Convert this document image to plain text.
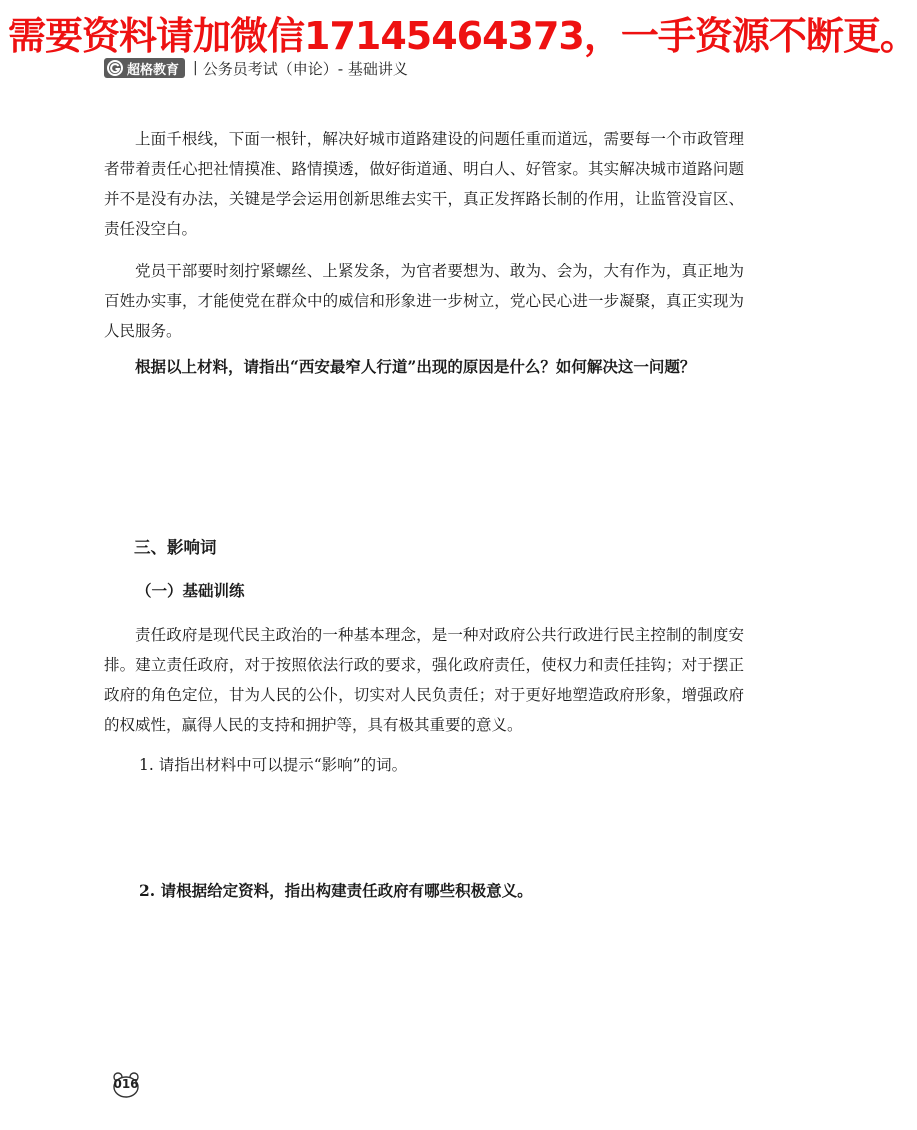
需要资料请加微信17145464373，一手资源不断更。
超格教育 | 公务员考试（申论）- 基础讲义

上面千根线，下面一根针，解决好城市道路建设的问题任重而道远，需要每一个市政管理者带着责任心把社情摸准、路情摸透，做好街道通、明白人、好管家。其实解决城市道路问题并不是没有办法，关键是学会运用创新思维去实干，真正发挥路长制的作用，让监管没盲区、责任没空白。

党员干部要时刻拧紧螺丝、上紧发条，为官者要想为、敢为、会为，大有作为，真正地为百姓办实事，才能使党在群众中的威信和形象进一步树立，党心民心进一步凝聚，真正实现为人民服务。

根据以上材料，请指出“西安最窄人行道”出现的原因是什么？如何解决这一问题？

三、影响词
（一）基础训练

责任政府是现代民主政治的一种基本理念，是一种对政府公共行政进行民主控制的制度安排。建立责任政府，对于按照依法行政的要求，强化政府责任，使权力和责任挂钩；对于摆正政府的角色定位，甘为人民的公仆，切实对人民负责任；对于更好地塑造政府形象，增强政府的权威性，赢得人民的支持和拥护等，具有极其重要的意义。

1. 请指出材料中可以提示“影响”的词。

2. 请根据给定资料，指出构建责任政府有哪些积极意义。

016
